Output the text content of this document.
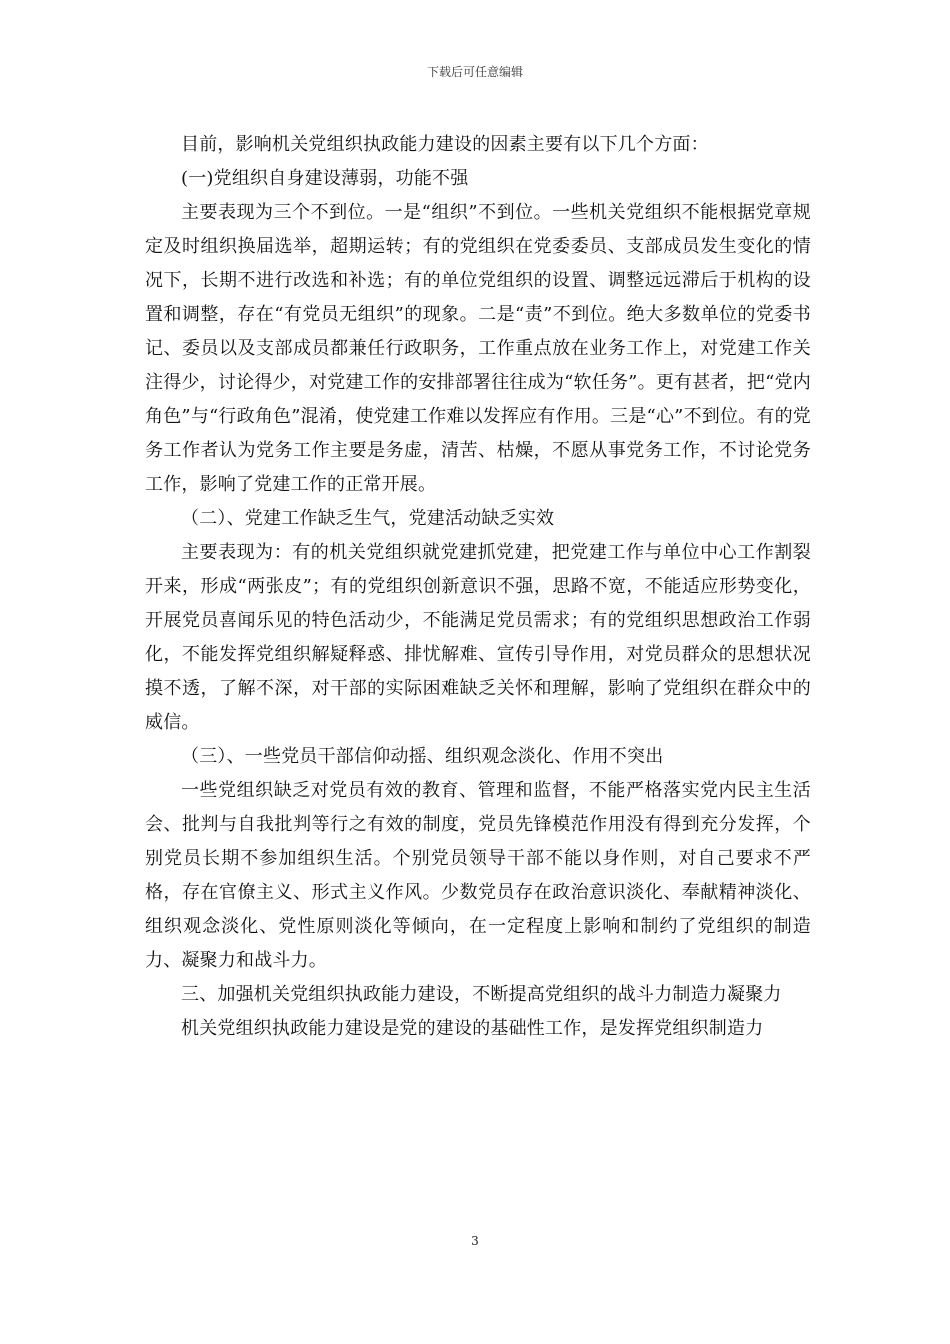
下载后可任意编辑

目前，影响机关党组织执政能力建设的因素主要有以下几个方面：

(一)党组织自身建设薄弱，功能不强

主要表现为三个不到位。一是“组织”不到位。一些机关党组织不能根据党章规定及时组织换届选举，超期运转；有的党组织在党委委员、支部成员发生变化的情况下，长期不进行改选和补选；有的单位党组织的设置、调整远远滞后于机构的设置和调整，存在“有党员无组织”的现象。二是“责”不到位。绝大多数单位的党委书记、委员以及支部成员都兼任行政职务，工作重点放在业务工作上，对党建工作关注得少，讨论得少，对党建工作的安排部署往往成为“软任务”。更有甚者，把“党内角色”与“行政角色”混淆，使党建工作难以发挥应有作用。三是“心”不到位。有的党务工作者认为党务工作主要是务虚，清苦、枯燥，不愿从事党务工作，不讨论党务工作，影响了党建工作的正常开展。

（二）、党建工作缺乏生气，党建活动缺乏实效

主要表现为：有的机关党组织就党建抓党建，把党建工作与单位中心工作割裂开来，形成“两张皮”；有的党组织创新意识不强，思路不宽，不能适应形势变化，开展党员喜闻乐见的特色活动少，不能满足党员需求；有的党组织思想政治工作弱化，不能发挥党组织解疑释惑、排忧解难、宣传引导作用，对党员群众的思想状况摸不透，了解不深，对干部的实际困难缺乏关怀和理解，影响了党组织在群众中的威信。

（三）、一些党员干部信仰动摇、组织观念淡化、作用不突出

一些党组织缺乏对党员有效的教育、管理和监督，不能严格落实党内民主生活会、批判与自我批判等行之有效的制度，党员先锋模范作用没有得到充分发挥，个别党员长期不参加组织生活。个别党员领导干部不能以身作则，对自己要求不严格，存在官僚主义、形式主义作风。少数党员存在政治意识淡化、奉献精神淡化、组织观念淡化、党性原则淡化等倾向，在一定程度上影响和制约了党组织的制造力、凝聚力和战斗力。

三、加强机关党组织执政能力建设，不断提高党组织的战斗力制造力凝聚力

机关党组织执政能力建设是党的建设的基础性工作，是发挥党组织制造力

3
